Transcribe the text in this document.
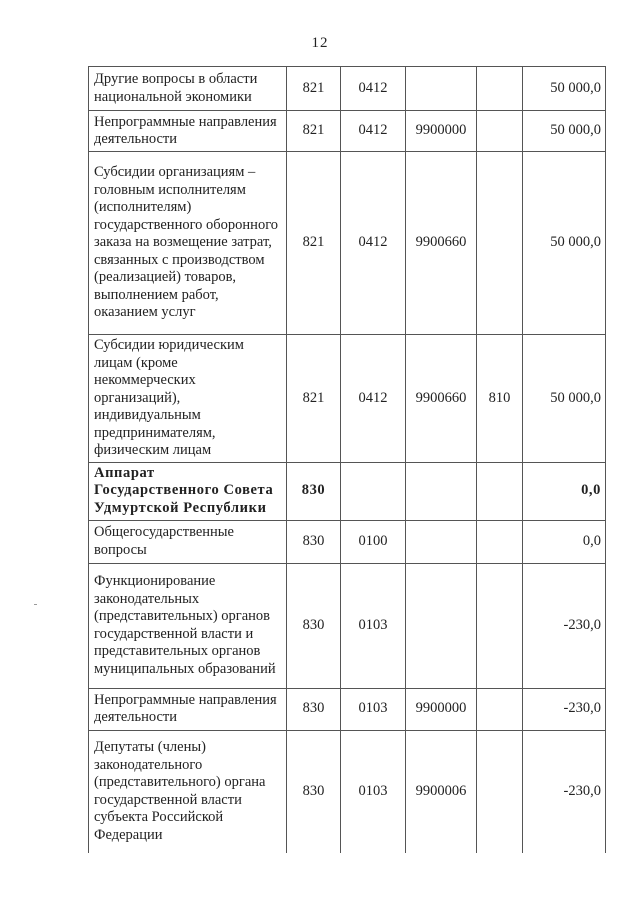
12
Другие вопросы в области национальной экономики	821	0412			50 000,0
Непрограммные направления деятельности	821	0412	9900000		50 000,0
Субсидии организациям – головным исполнителям (исполнителям) государственного оборонного заказа на возмещение затрат, связанных с производством (реализацией) товаров, выполнением работ, оказанием услуг	821	0412	9900660		50 000,0
Субсидии юридическим лицам (кроме некоммерческих организаций), индивидуальным предпринимателям, физическим лицам	821	0412	9900660	810	50 000,0
Аппарат Государственного Совета Удмуртской Республики	830				0,0
Общегосударственные вопросы	830	0100			0,0
Функционирование законодательных (представительных) органов государственной власти и представительных органов муниципальных образований	830	0103			-230,0
Непрограммные направления деятельности	830	0103	9900000		-230,0
Депутаты (члены) законодательного (представительного) органа государственной власти субъекта Российской Федерации	830	0103	9900006		-230,0
